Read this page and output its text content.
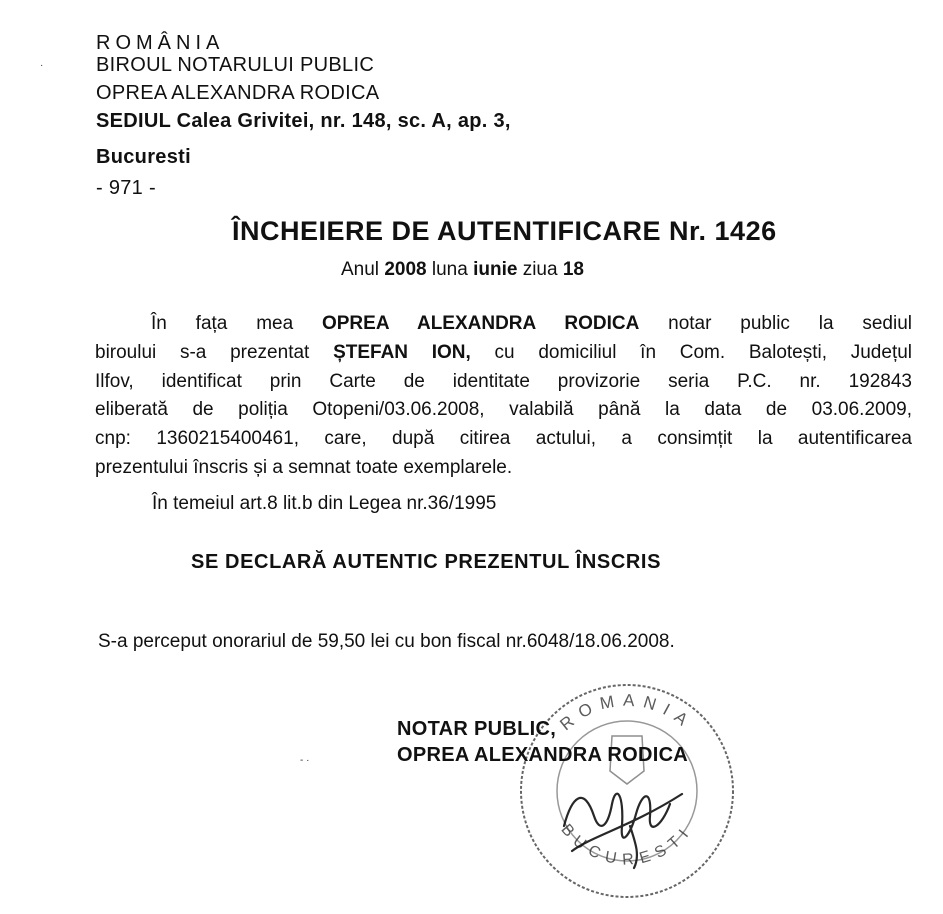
ROMÂNIA
BIROUL NOTARULUI PUBLIC
OPREA ALEXANDRA RODICA
SEDIUL Calea Grivitei, nr. 148, sc. A, ap. 3,
Bucuresti
- 971 -
ÎNCHEIERE DE AUTENTIFICARE Nr. 1426
Anul 2008 luna iunie ziua 18
În fața mea OPREA ALEXANDRA RODICA notar public la sediul
biroului s-a prezentat ȘTEFAN ION, cu domiciliul în Com. Balotești, Județul
Ilfov, identificat prin Carte de identitate provizorie seria P.C. nr. 192843
eliberată de poliția Otopeni/03.06.2008, valabilă până la data de 03.06.2009,
cnp: 1360215400461, care, după citirea actului, a consimțit la autentificarea
prezentului înscris și a semnat toate exemplarele.
În temeiul art.8 lit.b din Legea nr.36/1995
SE DECLARĂ AUTENTIC PREZENTUL ÎNSCRIS
S-a perceput onorariul de 59,50 lei cu bon fiscal nr.6048/18.06.2008.
ROMANIA
BUCURESTI
NOTAR PUBLIC,
OPREA ALEXANDRA RODICA
·
- ·
